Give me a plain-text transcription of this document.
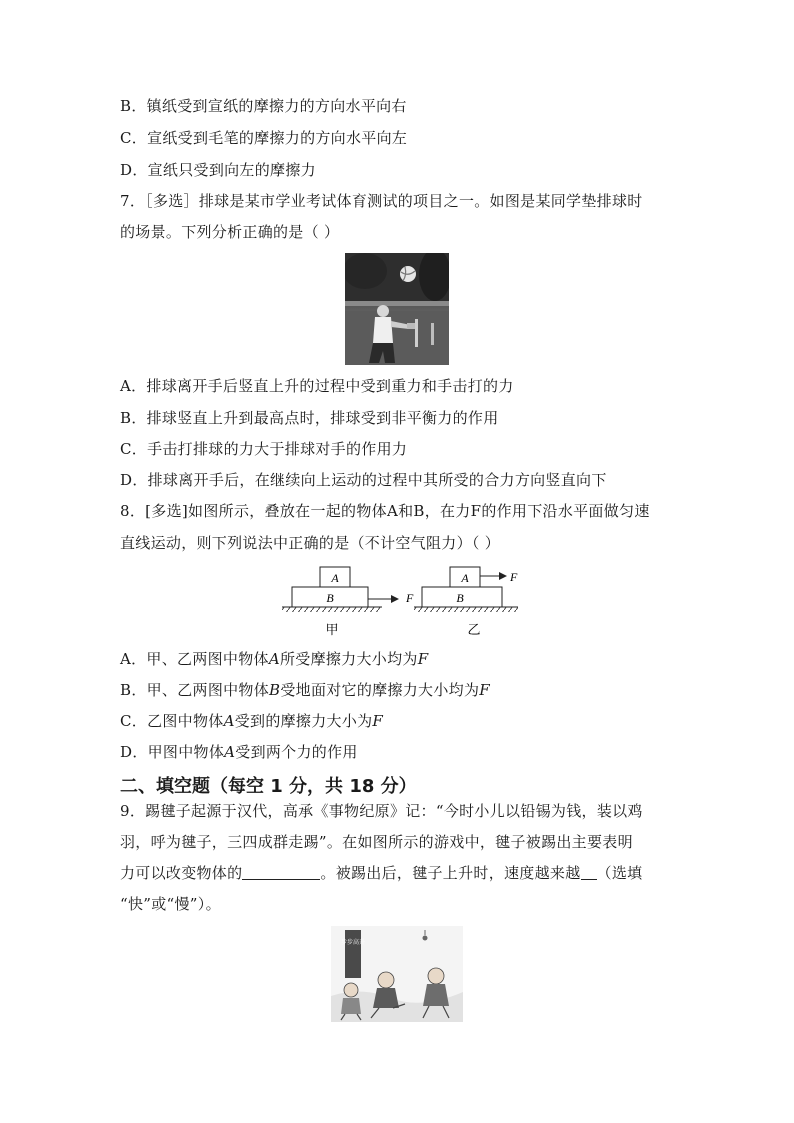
B．镇纸受到宣纸的摩擦力的方向水平向右
C．宣纸受到毛笔的摩擦力的方向水平向左
D．宣纸只受到向左的摩擦力
7．［多选］排球是某市学业考试体育测试的项目之一。如图是某同学垫排球时
的场景。下列分析正确的是（ ）
A．排球离开手后竖直上升的过程中受到重力和手击打的力
B．排球竖直上升到最高点时，排球受到非平衡力的作用
C．手击打排球的力大于排球对手的作用力
D．排球离开手后，在继续向上运动的过程中其所受的合力方向竖直向下
8．[多选]如图所示，叠放在一起的物体A和B，在力F的作用下沿水平面做匀速
直线运动，则下列说法中正确的是（不计空气阻力）（ ）
A
B	F
甲
A
B
F
乙
A．甲、乙两图中物体A所受摩擦力大小均为F
B．甲、乙两图中物体B受地面对它的摩擦力大小均为F
C．乙图中物体A受到的摩擦力大小为F
D．甲图中物体A受到两个力的作用
二、填空题（每空 1 分，共 18 分）
9．踢毽子起源于汉代，高承《事物纪原》记：“今时小儿以铅锡为钱，装以鸡
羽，呼为毽子，三四成群走踢”。在如图所示的游戏中，毽子被踢出主要表明
力可以改变物体的	。被踢出后，毽子上升时，速度越来越 （选填
“快”或“慢”）。
步步高升
